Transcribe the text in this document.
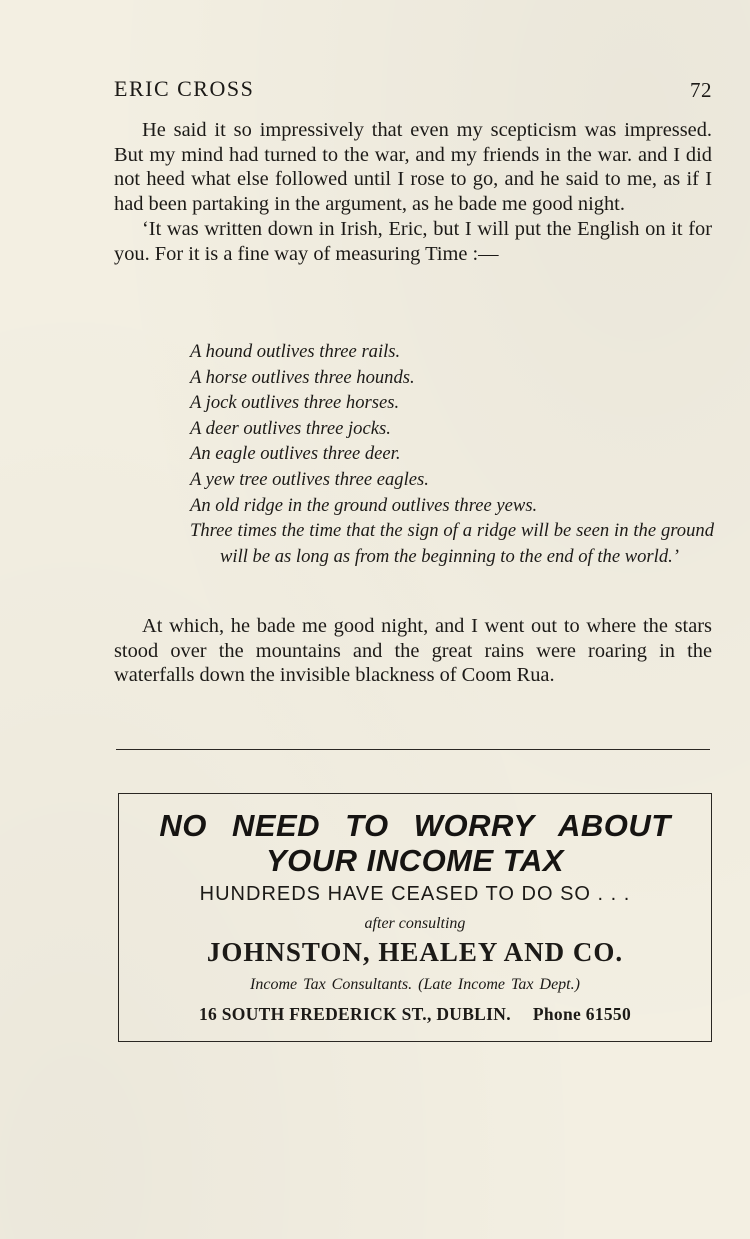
ERIC CROSS	72

He said it so impressively that even my scepticism was impressed. But my mind had turned to the war, and my friends in the war. and I did not heed what else followed until I rose to go, and he said to me, as if I had been partaking in the argument, as he bade me good night.

‘It was written down in Irish, Eric, but I will put the English on it for you. For it is a fine way of measuring Time :—

A hound outlives three rails.
A horse outlives three hounds.
A jock outlives three horses.
A deer outlives three jocks.
An eagle outlives three deer.
A yew tree outlives three eagles.
An old ridge in the ground outlives three yews.
Three times the time that the sign of a ridge will be seen in the ground will be as long as from the beginning to the end of the world.’

At which, he bade me good night, and I went out to where the stars stood over the mountains and the great rains were roaring in the waterfalls down the invisible blackness of Coom Rua.

NO NEED TO WORRY ABOUT
YOUR INCOME TAX
HUNDREDS HAVE CEASED TO DO SO . . .
after consulting
JOHNSTON, HEALEY AND CO.
Income Tax Consultants. (Late Income Tax Dept.)
16 SOUTH FREDERICK ST., DUBLIN. Phone 61550
